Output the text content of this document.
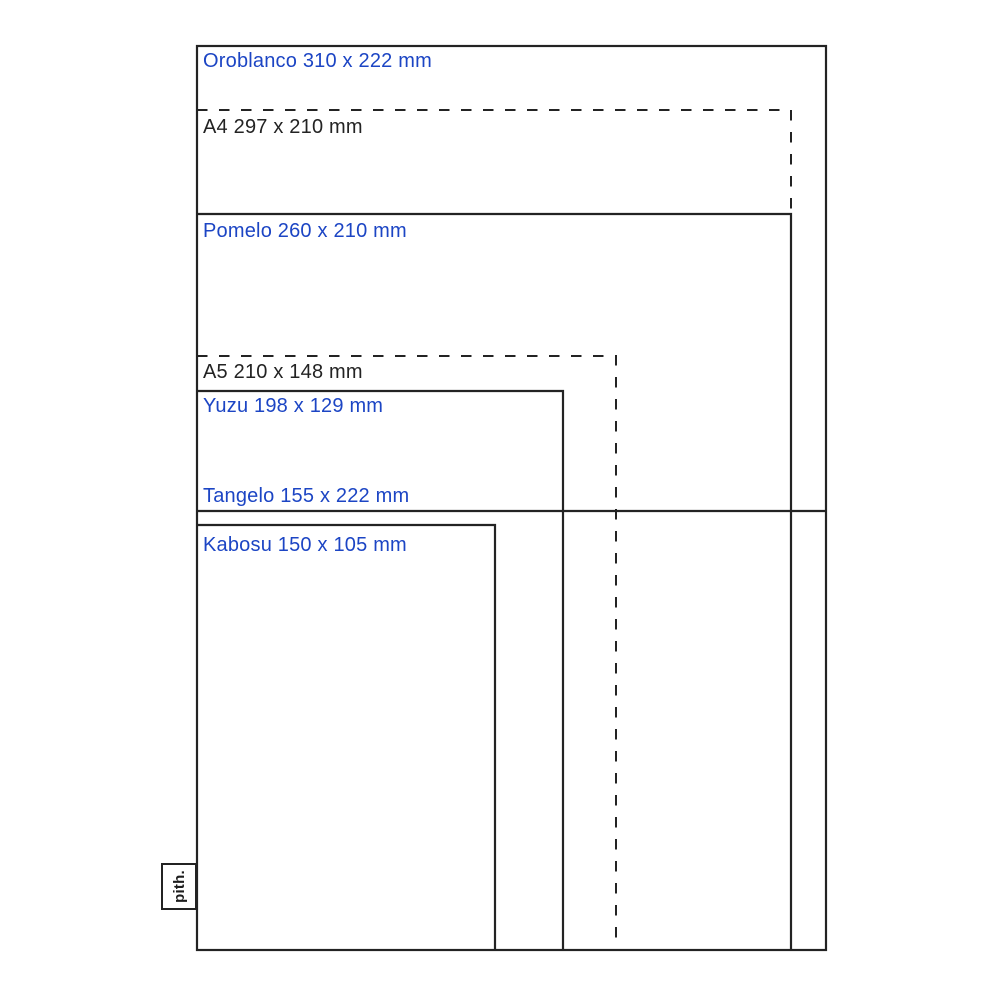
Oroblanco 310 x 222 mm
A4 297 x 210 mm
Pomelo 260 x 210 mm
A5 210 x 148 mm
Yuzu 198 x 129 mm
Tangelo 155 x 222 mm
Kabosu 150 x 105 mm
pith.
